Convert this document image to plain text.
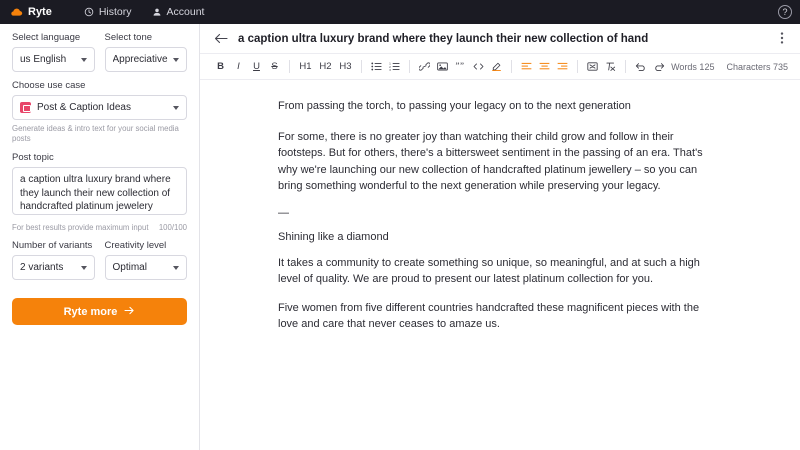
Ryte	History	Account	?
Select language
us English
Select tone
Appreciative
Choose use case
Post & Caption Ideas
Generate ideas & intro text for your social media posts
Post topic
a caption ultra luxury brand where they launch their new collection of handcrafted platinum jewelery
For best results provide maximum input 100/100
Number of variants
2 variants
Creativity level
Optimal
Ryte more
a caption ultra luxury brand where they launch their new collection of hand
B	I	U	S	H1 H2 H3	1
2
3	” ”	Words 125 Characters 735

From passing the torch, to passing your legacy on to the next generation

For some, there is no greater joy than watching their child grow and follow in their footsteps. But for others, there's a bittersweet sentiment in the passing of an era. That's why we're launching our new collection of handcrafted platinum jewellery – so you can bring something wonderful to the next generation while preserving your legacy.

—

Shining like a diamond

It takes a community to create something so unique, so meaningful, and at such a high level of quality. We are proud to present our latest platinum collection for you.

Five women from five different countries handcrafted these magnificent pieces with the love and care that never ceases to amaze us.
